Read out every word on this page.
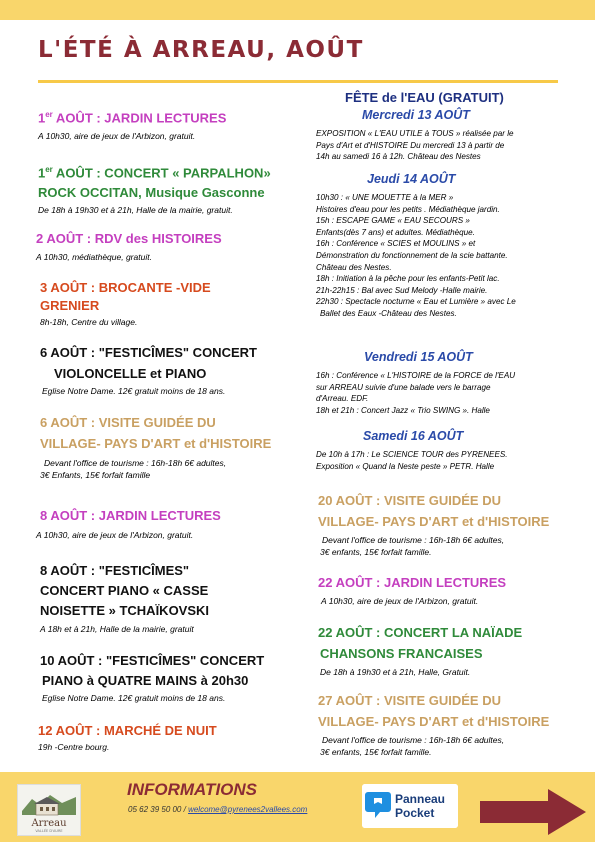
L'ÉTÉ À ARREAU, AOÛT
1er AOÛT : JARDIN LECTURES
A 10h30, aire de jeux de l'Arbizon, gratuit.
1er AOÛT : CONCERT « PARPALHON»
ROCK OCCITAN, Musique Gasconne
De 18h à 19h30 et à 21h, Halle de la mairie, gratuit.
2 AOÛT : RDV des HISTOIRES
A 10h30, médiathèque, gratuit.
3 AOÛT : BROCANTE -VIDE
GRENIER
8h-18h, Centre du village.
6 AOÛT : "FESTICÎMES" CONCERT
VIOLONCELLE et PIANO
Eglise Notre Dame. 12€ gratuit moins de 18 ans.
6 AOÛT : VISITE GUIDÉE DU
VILLAGE- PAYS D'ART et d'HISTOIRE
Devant l'office de tourisme : 16h-18h 6€ adultes,
3€ Enfants, 15€ forfait famille
8 AOÛT : JARDIN LECTURES
A 10h30, aire de jeux de l'Arbizon, gratuit.
8 AOÛT : "FESTICÎMES"
CONCERT PIANO « CASSE
NOISETTE » TCHAÏKOVSKI
A 18h et à 21h, Halle de la mairie, gratuit
10 AOÛT : "FESTICÎMES" CONCERT
PIANO à QUATRE MAINS à 20h30
Eglise Notre Dame. 12€ gratuit moins de 18 ans.
12 AOÛT : MARCHÉ DE NUIT
19h -Centre bourg.
FÊTE de l'EAU (GRATUIT)
Mercredi 13 AOÛT
EXPOSITION « L'EAU UTILE à TOUS » réalisée par le
Pays d'Art et d'HISTOIRE Du mercredi 13 à partir de
14h au samedi 16 à 12h. Château des Nestes
Jeudi 14 AOÛT
10h30 : « UNE MOUETTE à la MER »
Histoires d'eau pour les petits . Médiathèque jardin.
15h : ESCAPE GAME « EAU SECOURS »
Enfants(dès 7 ans) et adultes. Médiathèque.
16h : Conférence « SCIES et MOULINS » et
Démonstration du fonctionnement de la scie battante.
Château des Nestes.
18h : Initiation à la pêche pour les enfants-Petit lac.
21h-22h15 : Bal avec Sud Melody -Halle mairie.
22h30 : Spectacle nocturne « Eau et Lumière » avec Le
Ballet des Eaux -Château des Nestes.
Vendredi 15 AOÛT
16h : Conférence « L'HISTOIRE de la FORCE de l'EAU
sur ARREAU suivie d'une balade vers le barrage
d'Arreau. EDF.
18h et 21h : Concert Jazz « Trio SWING ». Halle
Samedi 16 AOÛT
De 10h à 17h : Le SCIENCE TOUR des PYRENEES.
Exposition « Quand la Neste peste » PETR. Halle
20 AOÛT : VISITE GUIDÉE DU
VILLAGE- PAYS D'ART et d'HISTOIRE
Devant l'office de tourisme : 16h-18h 6€ adultes,
3€ enfants, 15€ forfait famille.
22 AOÛT : JARDIN LECTURES
A 10h30, aire de jeux de l'Arbizon, gratuit.
22 AOÛT : CONCERT LA NAÏADE
CHANSONS FRANCAISES
De 18h à 19h30 et à 21h, Halle, Gratuit.
27 AOÛT : VISITE GUIDÉE DU
VILLAGE- PAYS D'ART et d'HISTOIRE
Devant l'office de tourisme : 16h-18h 6€ adultes,
3€ enfants, 15€ forfait famille.
Arreau
VALLÉE D'AURE
INFORMATIONS
05 62 39 50 00 / welcome@pyrenees2vallees.com
Panneau
Pocket
